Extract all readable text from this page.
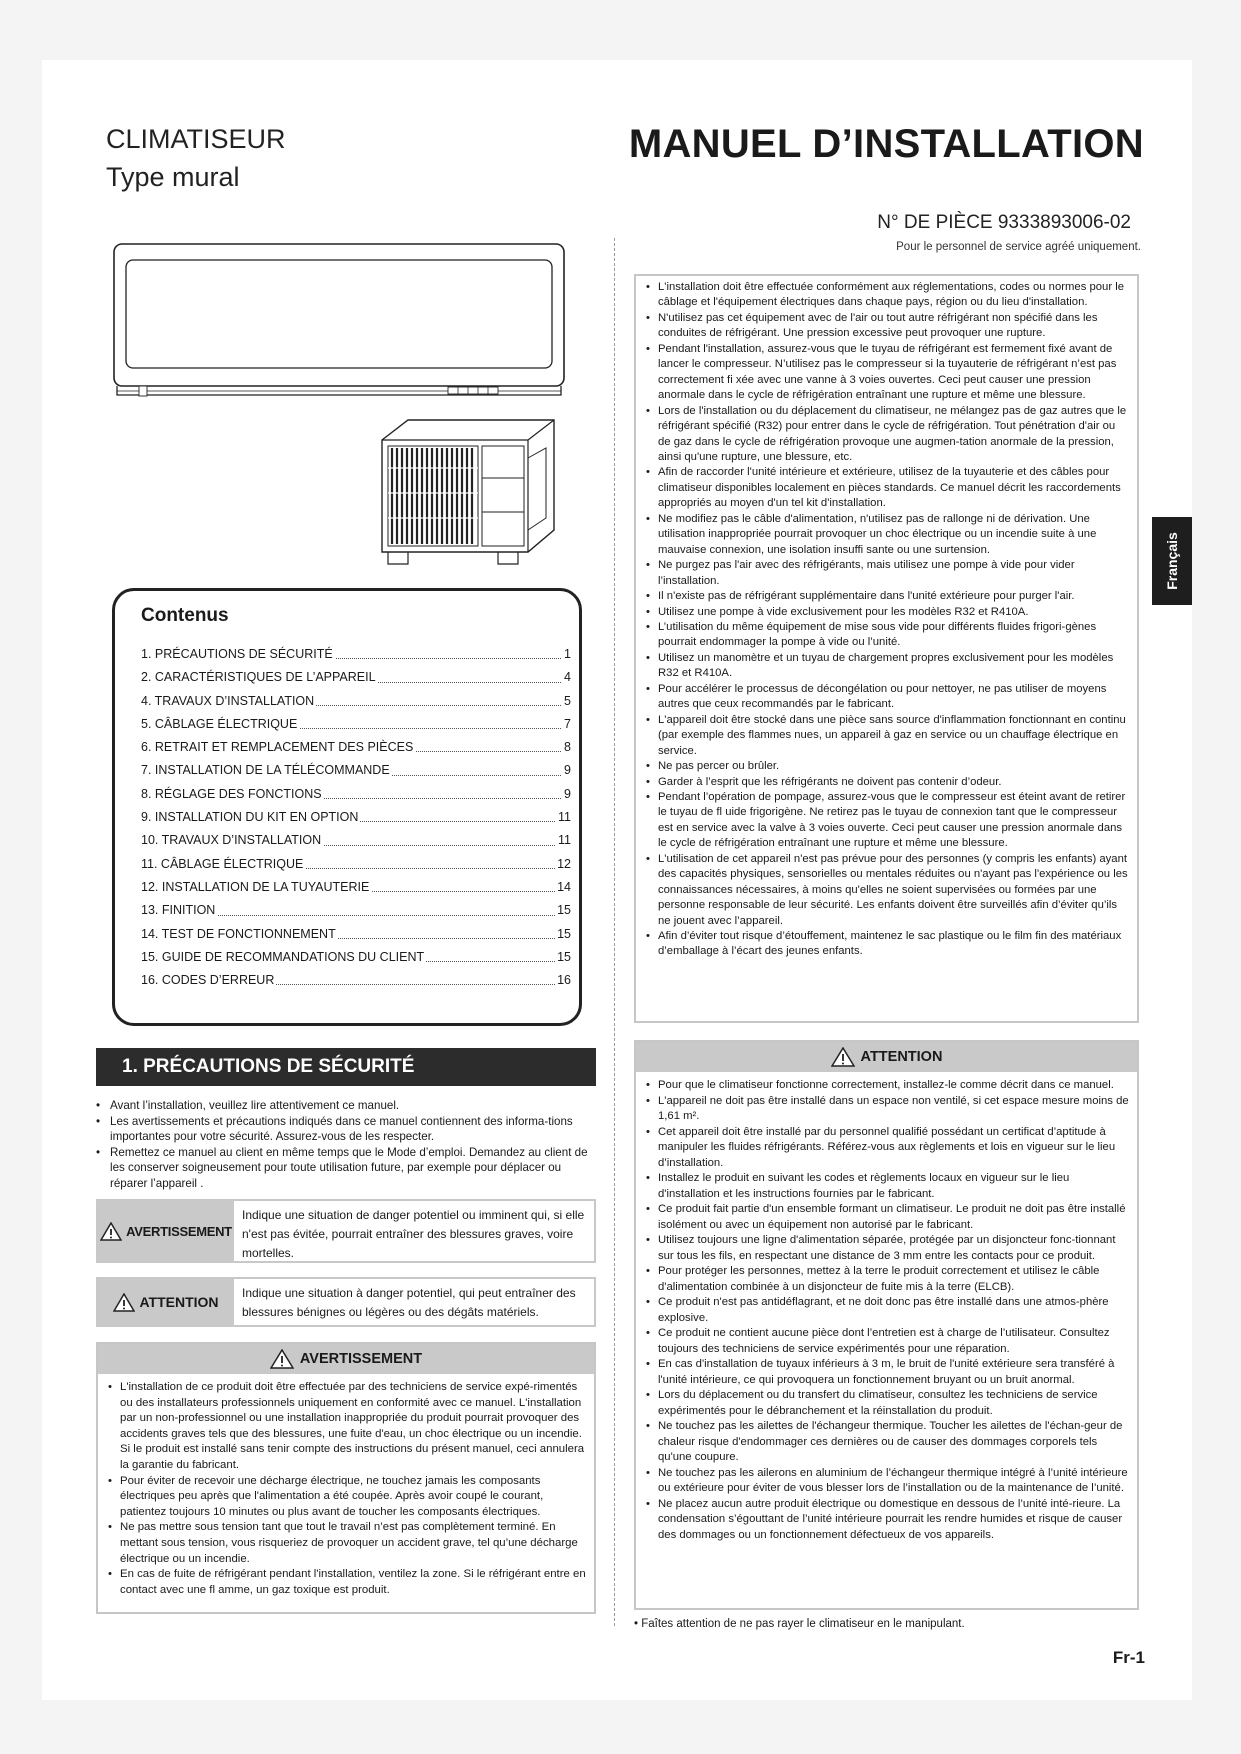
CLIMATISEUR
Type mural
MANUEL D’INSTALLATION
N° DE PIÈCE 9333893006-02
Pour le personnel de service agréé uniquement.
Français
Contenus
1. PRÉCAUTIONS DE SÉCURITÉ	1
2. CARACTÉRISTIQUES DE L’APPAREIL	4
4. TRAVAUX D’INSTALLATION	5
5. CÂBLAGE ÉLECTRIQUE	7
6. RETRAIT ET REMPLACEMENT DES PIÈCES	8
7. INSTALLATION DE LA TÉLÉCOMMANDE	9
8. RÉGLAGE DES FONCTIONS	9
9. INSTALLATION DU KIT EN OPTION	11
10. TRAVAUX D’INSTALLATION	11
11. CÂBLAGE ÉLECTRIQUE	12
12. INSTALLATION DE LA TUYAUTERIE	14
13. FINITION	15
14. TEST DE FONCTIONNEMENT	15
15. GUIDE DE RECOMMANDATIONS DU CLIENT	15
16. CODES D’ERREUR	16
1. PRÉCAUTIONS DE SÉCURITÉ
• Avant l’installation, veuillez lire attentivement ce manuel.
• Les avertissements et précautions indiqués dans ce manuel contiennent des informa-tions importantes pour votre sécurité. Assurez-vous de les respecter.
• Remettez ce manuel au client en même temps que le Mode d’emploi. Demandez au client de les conserver soigneusement pour toute utilisation future, par exemple pour déplacer ou réparer l’appareil .
AVERTISSEMENT
Indique une situation de danger potentiel ou imminent qui, si elle n'est pas évitée, pourrait entraîner des blessures graves, voire mortelles.
ATTENTION
Indique une situation à danger potentiel, qui peut entraîner des blessures bénignes ou légères ou des dégâts matériels.
AVERTISSEMENT
• L'installation de ce produit doit être effectuée par des techniciens de service expé-rimentés ou des installateurs professionnels uniquement en conformité avec ce manuel. L'installation par un non-professionnel ou une installation inappropriée du produit pourrait provoquer des accidents graves tels que des blessures, une fuite d'eau, un choc électrique ou un incendie. Si le produit est installé sans tenir compte des instructions du présent manuel, ceci annulera la garantie du fabricant.
• Pour éviter de recevoir une décharge électrique, ne touchez jamais les composants électriques peu après que l'alimentation a été coupée. Après avoir coupé le courant, patientez toujours 10 minutes ou plus avant de toucher les composants électriques.
• Ne pas mettre sous tension tant que tout le travail n’est pas complètement terminé. En mettant sous tension, vous risqueriez de provoquer un accident grave, tel qu’une décharge électrique ou un incendie.
• En cas de fuite de réfrigérant pendant l'installation, ventilez la zone. Si le réfrigérant entre en contact avec une fl amme, un gaz toxique est produit.
• L'installation doit être effectuée conformément aux réglementations, codes ou normes pour le câblage et l'équipement électriques dans chaque pays, région ou du lieu d'installation.
• N'utilisez pas cet équipement avec de l'air ou tout autre réfrigérant non spécifié dans les conduites de réfrigérant. Une pression excessive peut provoquer une rupture.
• Pendant l'installation, assurez-vous que le tuyau de réfrigérant est fermement fixé avant de lancer le compresseur. N’utilisez pas le compresseur si la tuyauterie de réfrigérant n’est pas correctement fi xée avec une vanne à 3 voies ouvertes. Ceci peut causer une pression anormale dans le cycle de réfrigération entraînant une rupture et même une blessure.
• Lors de l'installation ou du déplacement du climatiseur, ne mélangez pas de gaz autres que le réfrigérant spécifié (R32) pour entrer dans le cycle de réfrigération. Tout pénétration d'air ou de gaz dans le cycle de réfrigération provoque une augmen-tation anormale de la pression, ainsi qu'une rupture, une blessure, etc.
• Afin de raccorder l'unité intérieure et extérieure, utilisez de la tuyauterie et des câbles pour climatiseur disponibles localement en pièces standards. Ce manuel décrit les raccordements appropriés au moyen d'un tel kit d'installation.
• Ne modifiez pas le câble d'alimentation, n'utilisez pas de rallonge ni de dérivation. Une utilisation inappropriée pourrait provoquer un choc électrique ou un incendie suite à une mauvaise connexion, une isolation insuffi sante ou une surtension.
• Ne purgez pas l'air avec des réfrigérants, mais utilisez une pompe à vide pour vider l’installation.
• Il n'existe pas de réfrigérant supplémentaire dans l'unité extérieure pour purger l'air.
• Utilisez une pompe à vide exclusivement pour les modèles R32 et R410A.
• L’utilisation du même équipement de mise sous vide pour différents fluides frigori-gènes pourrait endommager la pompe à vide ou l’unité.
• Utilisez un manomètre et un tuyau de chargement propres exclusivement pour les modèles R32 et R410A.
• Pour accélérer le processus de décongélation ou pour nettoyer, ne pas utiliser de moyens autres que ceux recommandés par le fabricant.
• L'appareil doit être stocké dans une pièce sans source d'inflammation fonctionnant en continu (par exemple des flammes nues, un appareil à gaz en service ou un chauffage électrique en service.
• Ne pas percer ou brûler.
• Garder à l’esprit que les réfrigérants ne doivent pas contenir d’odeur.
• Pendant l’opération de pompage, assurez-vous que le compresseur est éteint avant de retirer le tuyau de fl uide frigorigène. Ne retirez pas le tuyau de connexion tant que le compresseur est en service avec la valve à 3 voies ouverte. Ceci peut causer une pression anormale dans le cycle de réfrigération entraînant une rupture et même une blessure.
• L'utilisation de cet appareil n'est pas prévue pour des personnes (y compris les enfants) ayant des capacités physiques, sensorielles ou mentales réduites ou n'ayant pas l'expérience ou les connaissances nécessaires, à moins qu'elles ne soient supervisées ou formées par une personne responsable de leur sécurité. Les enfants doivent être surveillés afin d’éviter qu’ils ne jouent avec l’appareil.
• Afin d’éviter tout risque d’étouffement, maintenez le sac plastique ou le film fin des matériaux d’emballage à l’écart des jeunes enfants.
ATTENTION
• Pour que le climatiseur fonctionne correctement, installez-le comme décrit dans ce manuel.
• L'appareil ne doit pas être installé dans un espace non ventilé, si cet espace mesure moins de 1,61 m².
• Cet appareil doit être installé par du personnel qualifié possédant un certificat d’aptitude à manipuler les fluides réfrigérants. Référez-vous aux règlements et lois en vigueur sur le lieu d’installation.
• Installez le produit en suivant les codes et règlements locaux en vigueur sur le lieu d'installation et les instructions fournies par le fabricant.
• Ce produit fait partie d'un ensemble formant un climatiseur. Le produit ne doit pas être installé isolément ou avec un équipement non autorisé par le fabricant.
• Utilisez toujours une ligne d'alimentation séparée, protégée par un disjoncteur fonc-tionnant sur tous les fils, en respectant une distance de 3 mm entre les contacts pour ce produit.
• Pour protéger les personnes, mettez à la terre le produit correctement et utilisez le câble d'alimentation combinée à un disjoncteur de fuite mis à la terre (ELCB).
• Ce produit n'est pas antidéflagrant, et ne doit donc pas être installé dans une atmos-phère explosive.
• Ce produit ne contient aucune pièce dont l’entretien est à charge de l’utilisateur. Consultez toujours des techniciens de service expérimentés pour une réparation.
• En cas d'installation de tuyaux inférieurs à 3 m, le bruit de l'unité extérieure sera transféré à l'unité intérieure, ce qui provoquera un fonctionnement bruyant ou un bruit anormal.
• Lors du déplacement ou du transfert du climatiseur, consultez les techniciens de service expérimentés pour le débranchement et la réinstallation du produit.
• Ne touchez pas les ailettes de l'échangeur thermique. Toucher les ailettes de l'échan-geur de chaleur risque d'endommager ces dernières ou de causer des dommages corporels tels qu'une coupure.
• Ne touchez pas les ailerons en aluminium de l’échangeur thermique intégré à l’unité intérieure ou extérieure pour éviter de vous blesser lors de l’installation ou de la maintenance de l’unité.
• Ne placez aucun autre produit électrique ou domestique en dessous de l’unité inté-rieure. La condensation s’égouttant de l’unité intérieure pourrait les rendre humides et risque de causer des dommages ou un fonctionnement défectueux de vos appareils.
• Faîtes attention de ne pas rayer le climatiseur en le manipulant.
Fr-1
